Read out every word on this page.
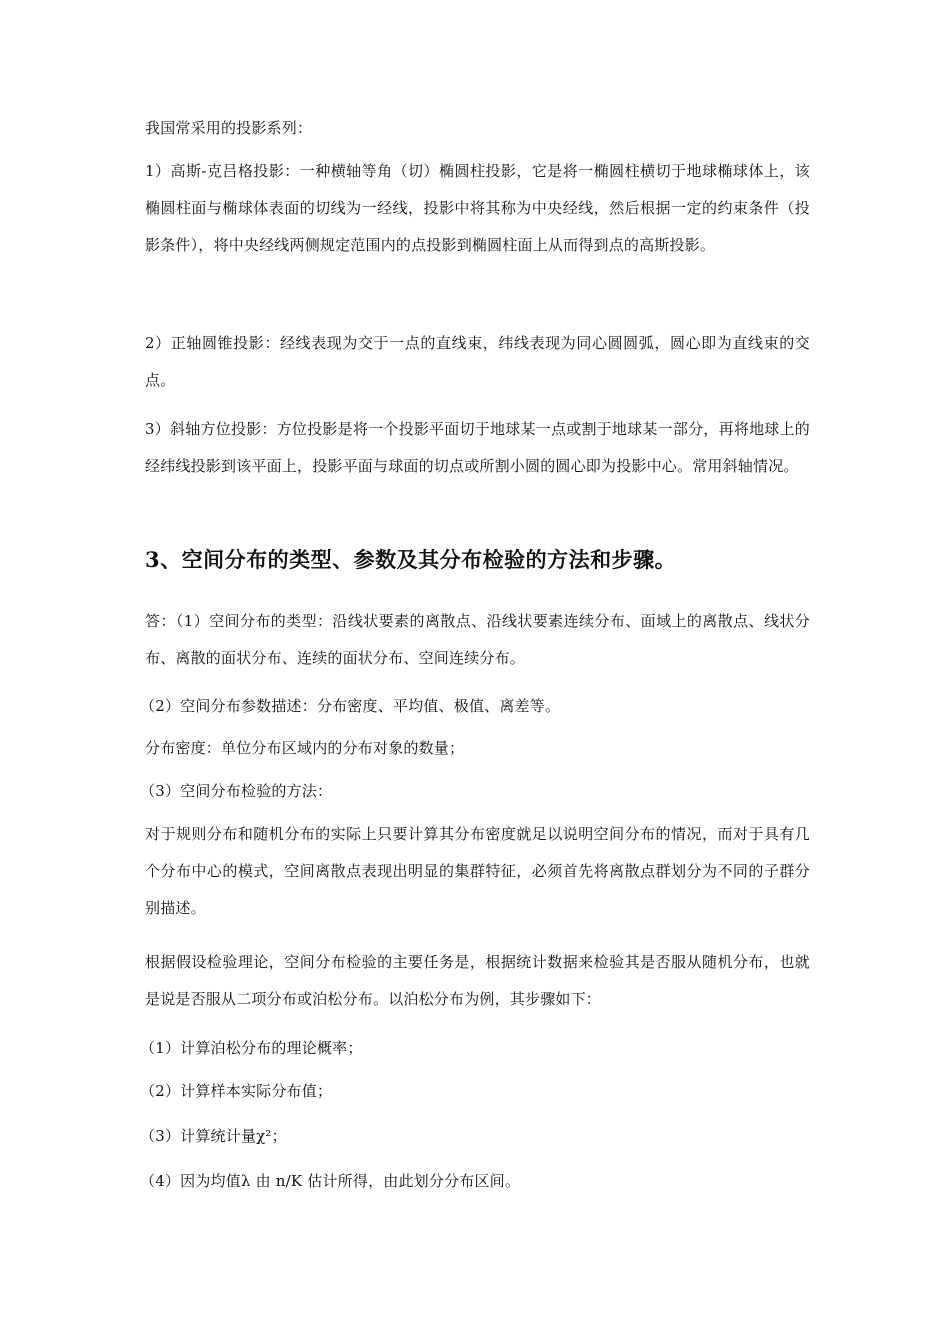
我国常采用的投影系列：

1）高斯-克吕格投影：一种横轴等角（切）椭圆柱投影，它是将一椭圆柱横切于地球椭球体上，该椭圆柱面与椭球体表面的切线为一经线，投影中将其称为中央经线，然后根据一定的约束条件（投影条件），将中央经线两侧规定范围内的点投影到椭圆柱面上从而得到点的高斯投影。

2）正轴圆锥投影：经线表现为交于一点的直线束，纬线表现为同心圆圆弧，圆心即为直线束的交点。

3）斜轴方位投影：方位投影是将一个投影平面切于地球某一点或割于地球某一部分，再将地球上的经纬线投影到该平面上，投影平面与球面的切点或所割小圆的圆心即为投影中心。常用斜轴情况。

3、空间分布的类型、参数及其分布检验的方法和步骤。

答：（1）空间分布的类型：沿线状要素的离散点、沿线状要素连续分布、面域上的离散点、线状分布、离散的面状分布、连续的面状分布、空间连续分布。

（2）空间分布参数描述：分布密度、平均值、极值、离差等。

分布密度：单位分布区域内的分布对象的数量；

（3）空间分布检验的方法：

对于规则分布和随机分布的实际上只要计算其分布密度就足以说明空间分布的情况，而对于具有几个分布中心的模式，空间离散点表现出明显的集群特征，必须首先将离散点群划分为不同的子群分别描述。

根据假设检验理论，空间分布检验的主要任务是，根据统计数据来检验其是否服从随机分布，也就是说是否服从二项分布或泊松分布。以泊松分布为例，其步骤如下：

（1）计算泊松分布的理论概率；

（2）计算样本实际分布值；

（3）计算统计量χ²；

（4）因为均值λ 由 n/K 估计所得，由此划分分布区间。
